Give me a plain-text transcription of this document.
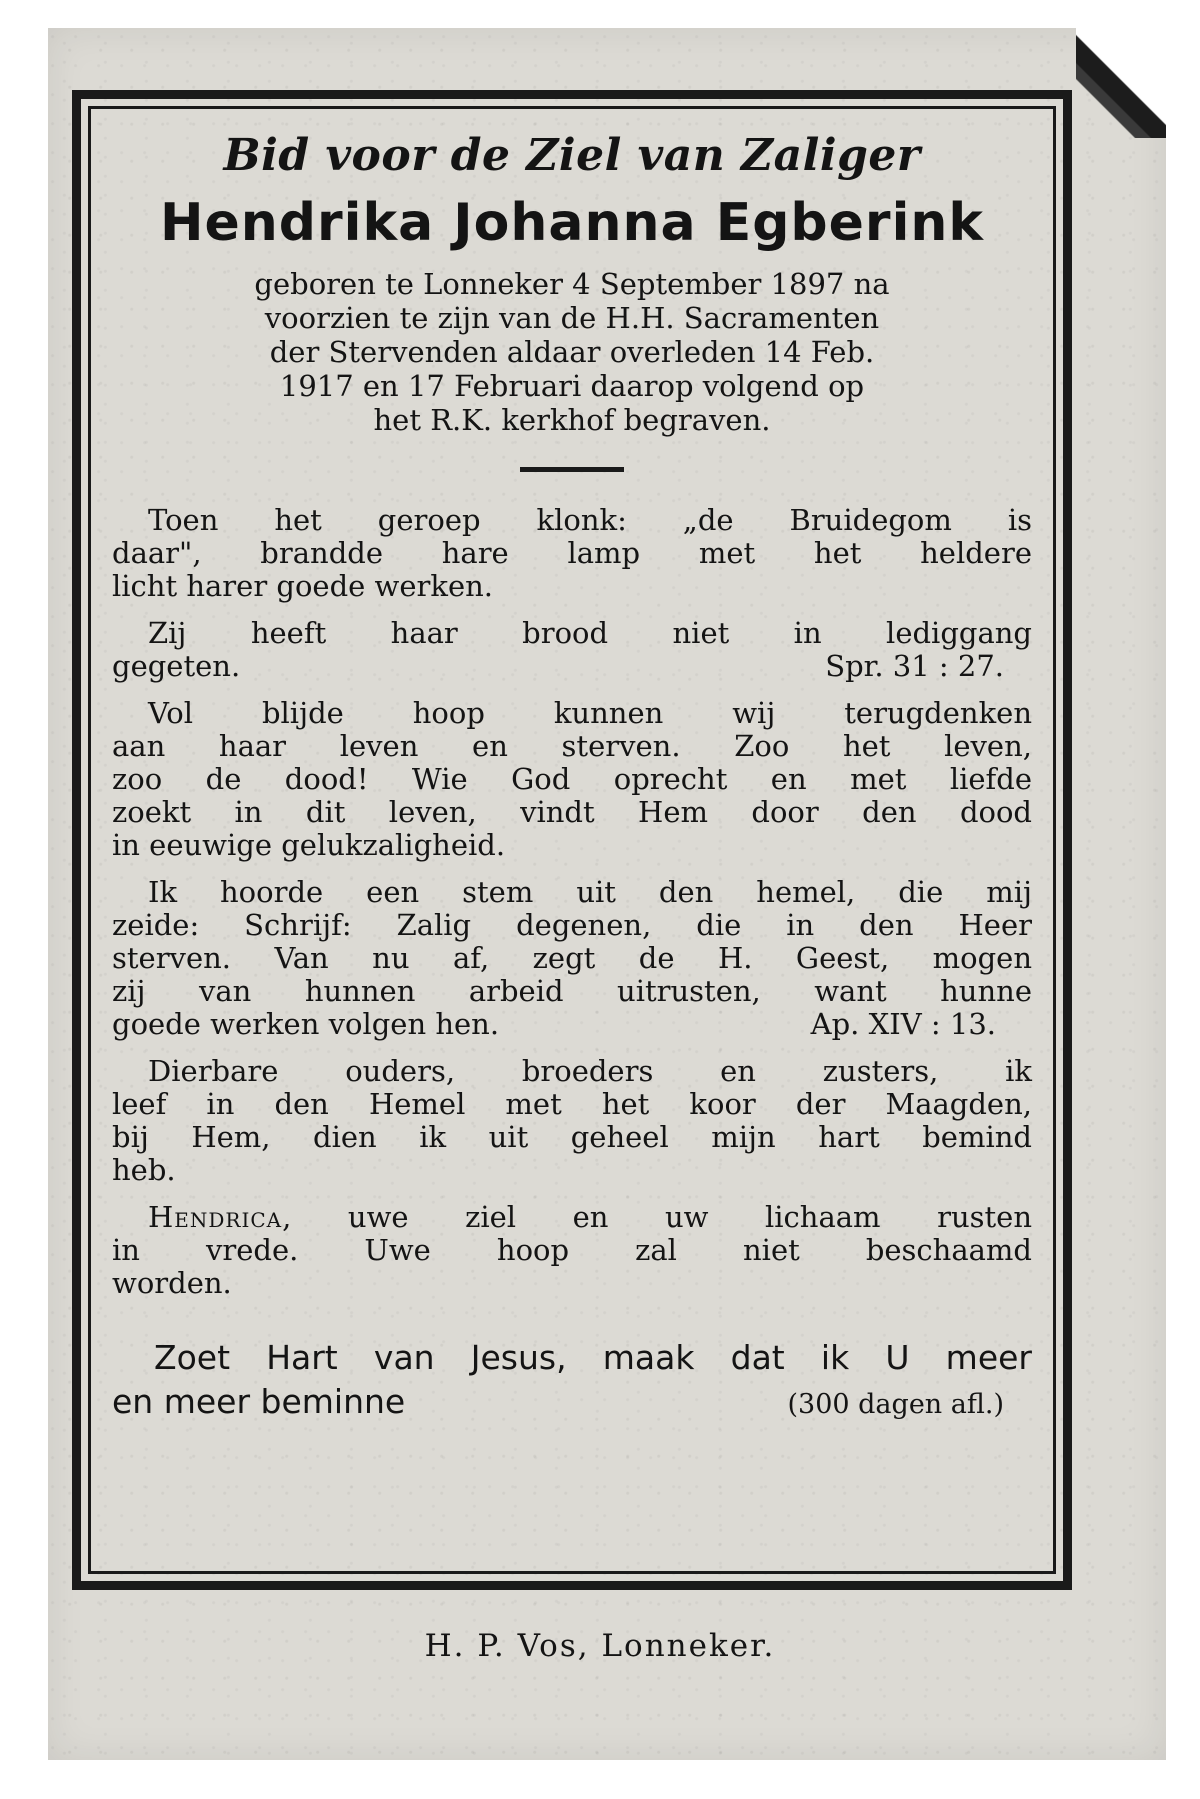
Bid voor de Ziel van Zaliger
Hendrika Johanna Egberink

geboren te Lonneker 4 September 1897 na

voorzien te zijn van de H.H. Sacramenten

der Stervenden aldaar overleden 14 Feb.

1917 en 17 Februari daarop volgend op

het R.K. kerkhof begraven.

Toen het geroep klonk: „de Bruidegom is
daar", brandde hare lamp met het heldere
licht harer goede werken.
Zij heeft haar brood niet in lediggang
gegeten.	Spr. 31 : 27.
Vol blijde hoop kunnen wij terugdenken
aan haar leven en sterven. Zoo het leven,
zoo de dood! Wie God oprecht en met liefde
zoekt in dit leven, vindt Hem door den dood
in eeuwige gelukzaligheid.
Ik hoorde een stem uit den hemel, die mij
zeide: Schrijf: Zalig degenen, die in den Heer
sterven. Van nu af, zegt de H. Geest, mogen
zij van hunnen arbeid uitrusten, want hunne
goede werken volgen hen.	Ap. XIV : 13.
Dierbare ouders, broeders en zusters, ik
leef in den Hemel met het koor der Maagden,
bij Hem, dien ik uit geheel mijn hart bemind
heb.
Hendrica, uwe ziel en uw lichaam rusten
in vrede. Uwe hoop zal niet beschaamd
worden.
Zoet Hart van Jesus, maak dat ik U meer
en meer beminne	(300 dagen afl.)
H. P. Vos, Lonneker.
